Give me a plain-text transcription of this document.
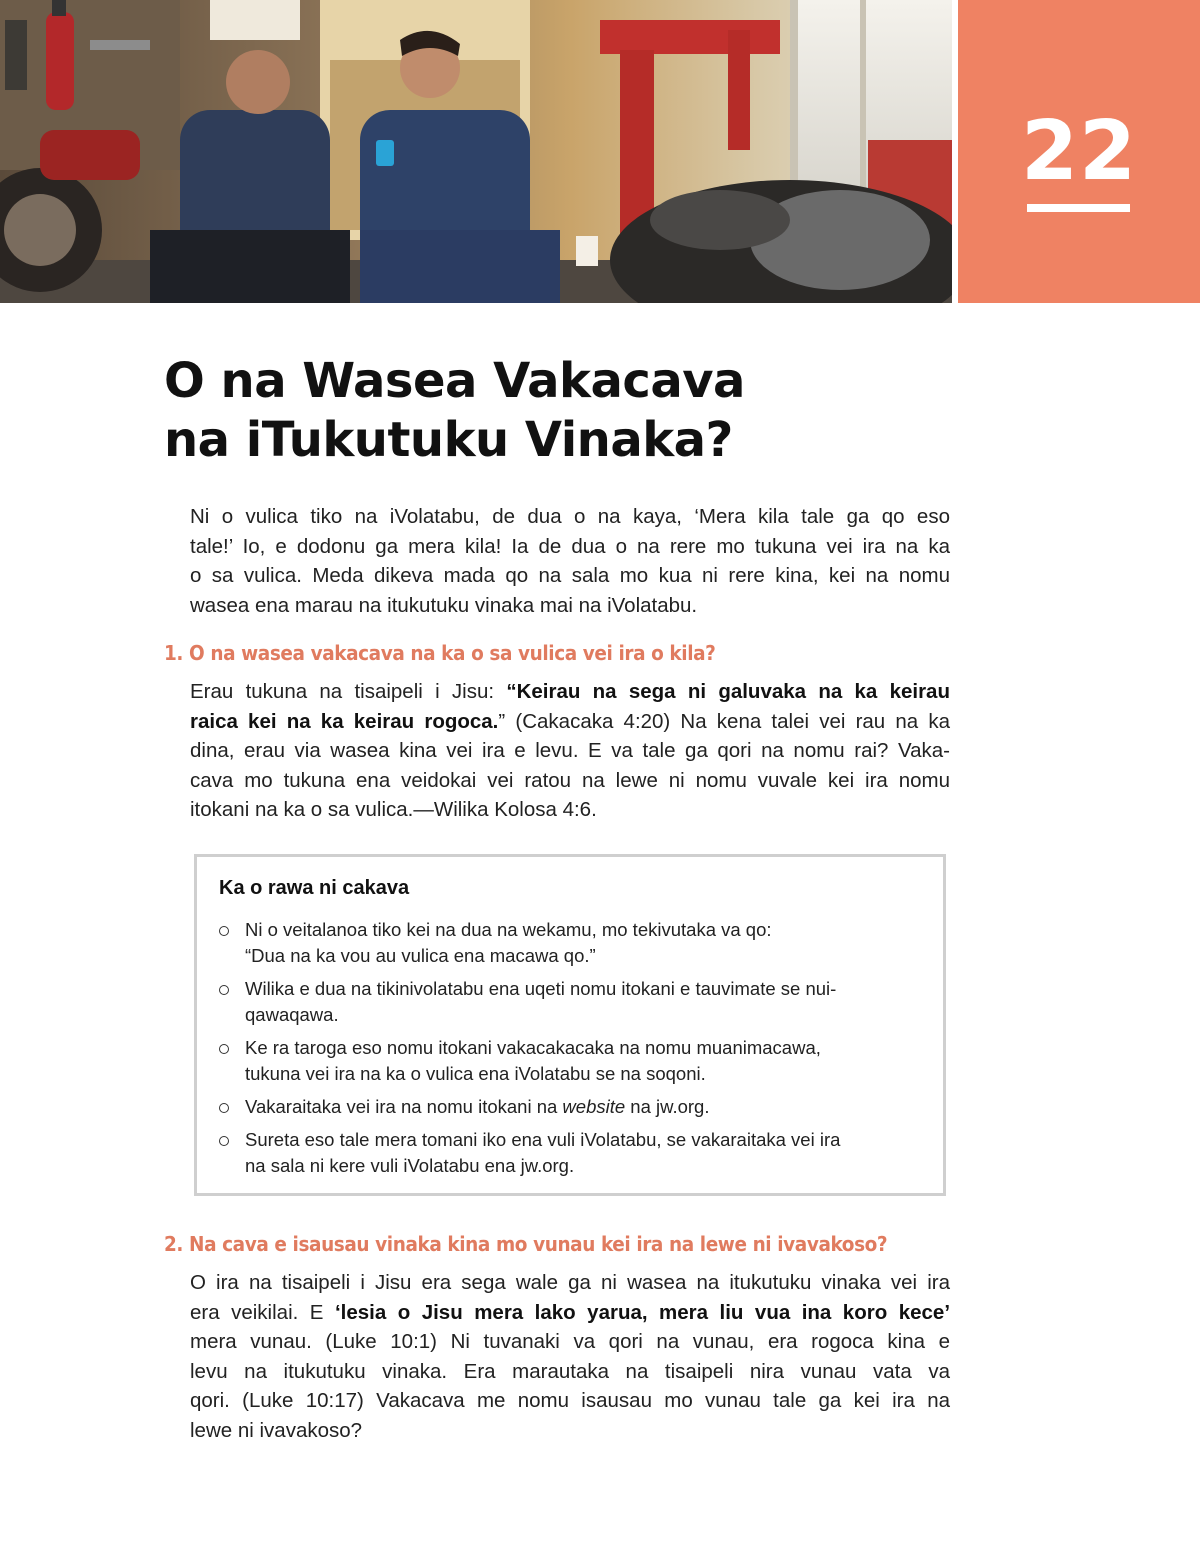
22
O na Wasea Vakacava
na iTukutuku Vinaka?

Ni o vulica tiko na iVolatabu, de dua o na kaya, ‘Mera kila tale ga qo eso
tale!’ Io, e dodonu ga mera kila! Ia de dua o na rere mo tukuna vei ira na ka
o sa vulica. Meda dikeva mada qo na sala mo kua ni rere kina, kei na nomu
wasea ena marau na itukutuku vinaka mai na iVolatabu.

1. O na wasea vakacava na ka o sa vulica vei ira o kila?

Erau tukuna na tisaipeli i Jisu: “Keirau na sega ni galuvaka na ka keirau
raica kei na ka keirau rogoca.” (Cakacaka 4:20) Na kena talei vei rau na ka
dina, erau via wasea kina vei ira e levu. E va tale ga qori na nomu rai? Vaka-
cava mo tukuna ena veidokai vei ratou na lewe ni nomu vuvale kei ira nomu
itokani na ka o sa vulica.—Wilika Kolosa 4:6.

Ka o rawa ni cakava
Ni o veitalanoa tiko kei na dua na wekamu, mo tekivutaka va qo:
“Dua na ka vou au vulica ena macawa qo.”
Wilika e dua na tikinivolatabu ena uqeti nomu itokani e tauvimate se nui-
qawaqawa.
Ke ra taroga eso nomu itokani vakacakacaka na nomu muanimacawa,
tukuna vei ira na ka o vulica ena iVolatabu se na soqoni.
Vakaraitaka vei ira na nomu itokani na website na jw.org.
Sureta eso tale mera tomani iko ena vuli iVolatabu, se vakaraitaka vei ira
na sala ni kere vuli iVolatabu ena jw.org.
2. Na cava e isausau vinaka kina mo vunau kei ira na lewe ni ivavakoso?

O ira na tisaipeli i Jisu era sega wale ga ni wasea na itukutuku vinaka vei ira
era veikilai. E ‘lesia o Jisu mera lako yarua, mera liu vua ina koro kece’
mera vunau. (Luke 10:1) Ni tuvanaki va qori na vunau, era rogoca kina e
levu na itukutuku vinaka. Era marautaka na tisaipeli nira vunau vata va
qori. (Luke 10:17) Vakacava me nomu isausau mo vunau tale ga kei ira na
lewe ni ivavakoso?
